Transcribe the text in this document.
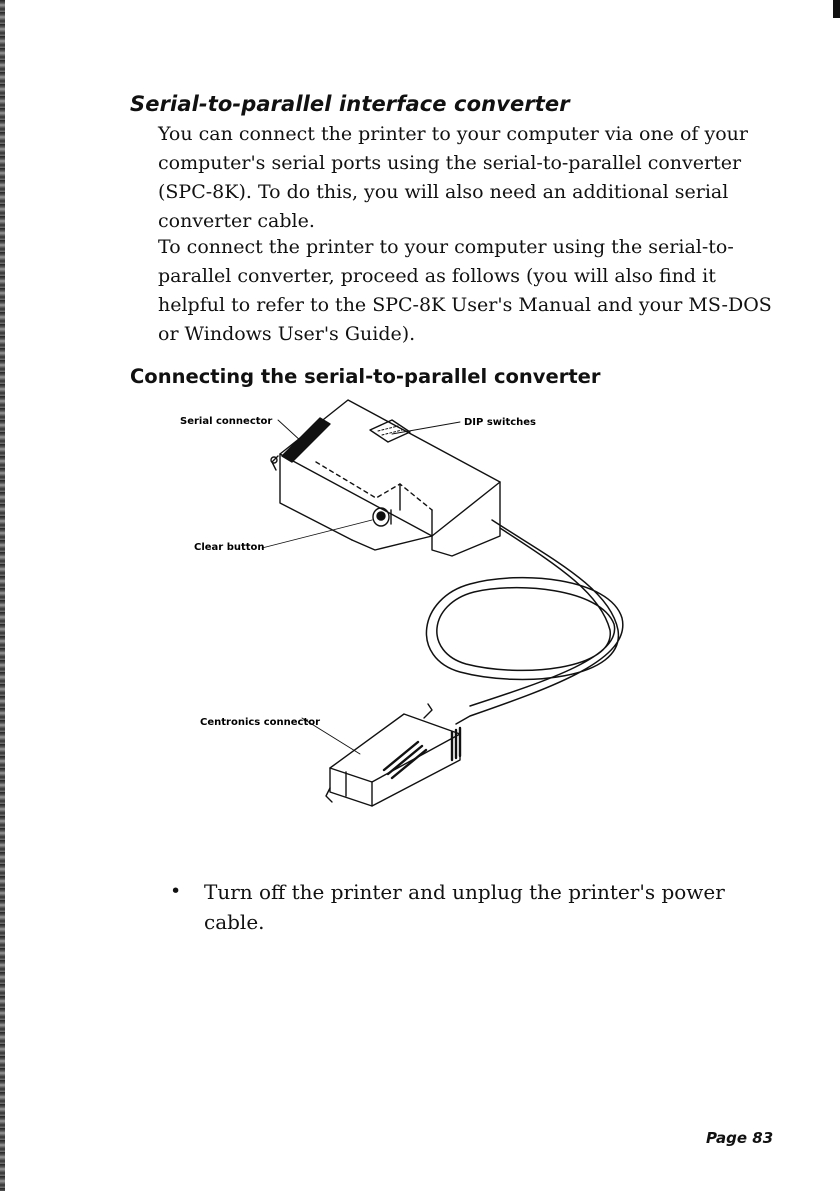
Serial-to-parallel interface converter

You can connect the printer to your computer via one of your computer's serial ports using the serial-to-parallel converter (SPC-8K). To do this, you will also need an additional serial converter cable.

To connect the printer to your computer using the serial-to-parallel converter, proceed as follows (you will also find it helpful to refer to the SPC-8K User's Manual and your MS-DOS or Windows User's Guide).

Connecting the serial-to-parallel converter
Serial connector	DIP switches
Clear button
Centronics connector
• Turn off the printer and unplug the printer's power cable.

Page 83
